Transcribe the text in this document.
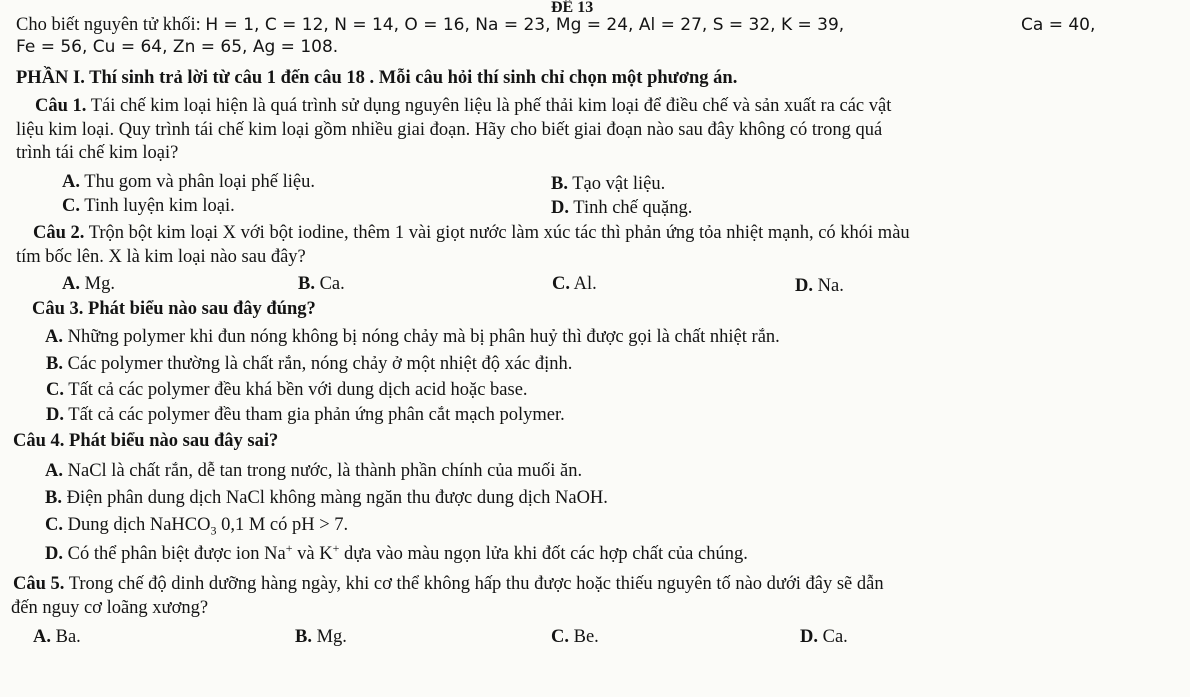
ĐÊ 13
Cho biết nguyên tử khối: H = 1, C = 12, N = 14, O = 16, Na = 23, Mg = 24, Al = 27, S = 32, K = 39,	Ca = 40,
Fe = 56, Cu = 64, Zn = 65, Ag = 108.
PHẦN I. Thí sinh trả lời từ câu 1 đến câu 18 . Mỗi câu hỏi thí sinh chỉ chọn một phương án.
Câu 1. Tái chế kim loại hiện là quá trình sử dụng nguyên liệu là phế thải kim loại để điều chế và sản xuất ra các vật
liệu kim loại. Quy trình tái chế kim loại gồm nhiều giai đoạn. Hãy cho biết giai đoạn nào sau đây không có trong quá
trình tái chế kim loại?
A. Thu gom và phân loại phế liệu.	B. Tạo vật liệu.
C. Tinh luyện kim loại.	D. Tinh chế quặng.
Câu 2. Trộn bột kim loại X với bột iodine, thêm 1 vài giọt nước làm xúc tác thì phản ứng tỏa nhiệt mạnh, có khói màu
tím bốc lên. X là kim loại nào sau đây?
A. Mg.	B. Ca.	C. Al.	D. Na.
Câu 3. Phát biểu nào sau đây đúng?
A. Những polymer khi đun nóng không bị nóng chảy mà bị phân huỷ thì được gọi là chất nhiệt rắn.
B. Các polymer thường là chất rắn, nóng chảy ở một nhiệt độ xác định.
C. Tất cả các polymer đều khá bền với dung dịch acid hoặc base.
D. Tất cả các polymer đều tham gia phản ứng phân cắt mạch polymer.
Câu 4. Phát biểu nào sau đây sai?
A. NaCl là chất rắn, dễ tan trong nước, là thành phần chính của muối ăn.
B. Điện phân dung dịch NaCl không màng ngăn thu được dung dịch NaOH.
C. Dung dịch NaHCO$_3$ 0,1 M có pH > 7.
D. Có thể phân biệt được ion Na+ và K+ dựa vào màu ngọn lửa khi đốt các hợp chất của chúng.
Câu 5. Trong chế độ dinh dưỡng hàng ngày, khi cơ thể không hấp thu được hoặc thiếu nguyên tố nào dưới đây sẽ dẫn
đến nguy cơ loãng xương?
A. Ba.	B. Mg.	C. Be.	D. Ca.
